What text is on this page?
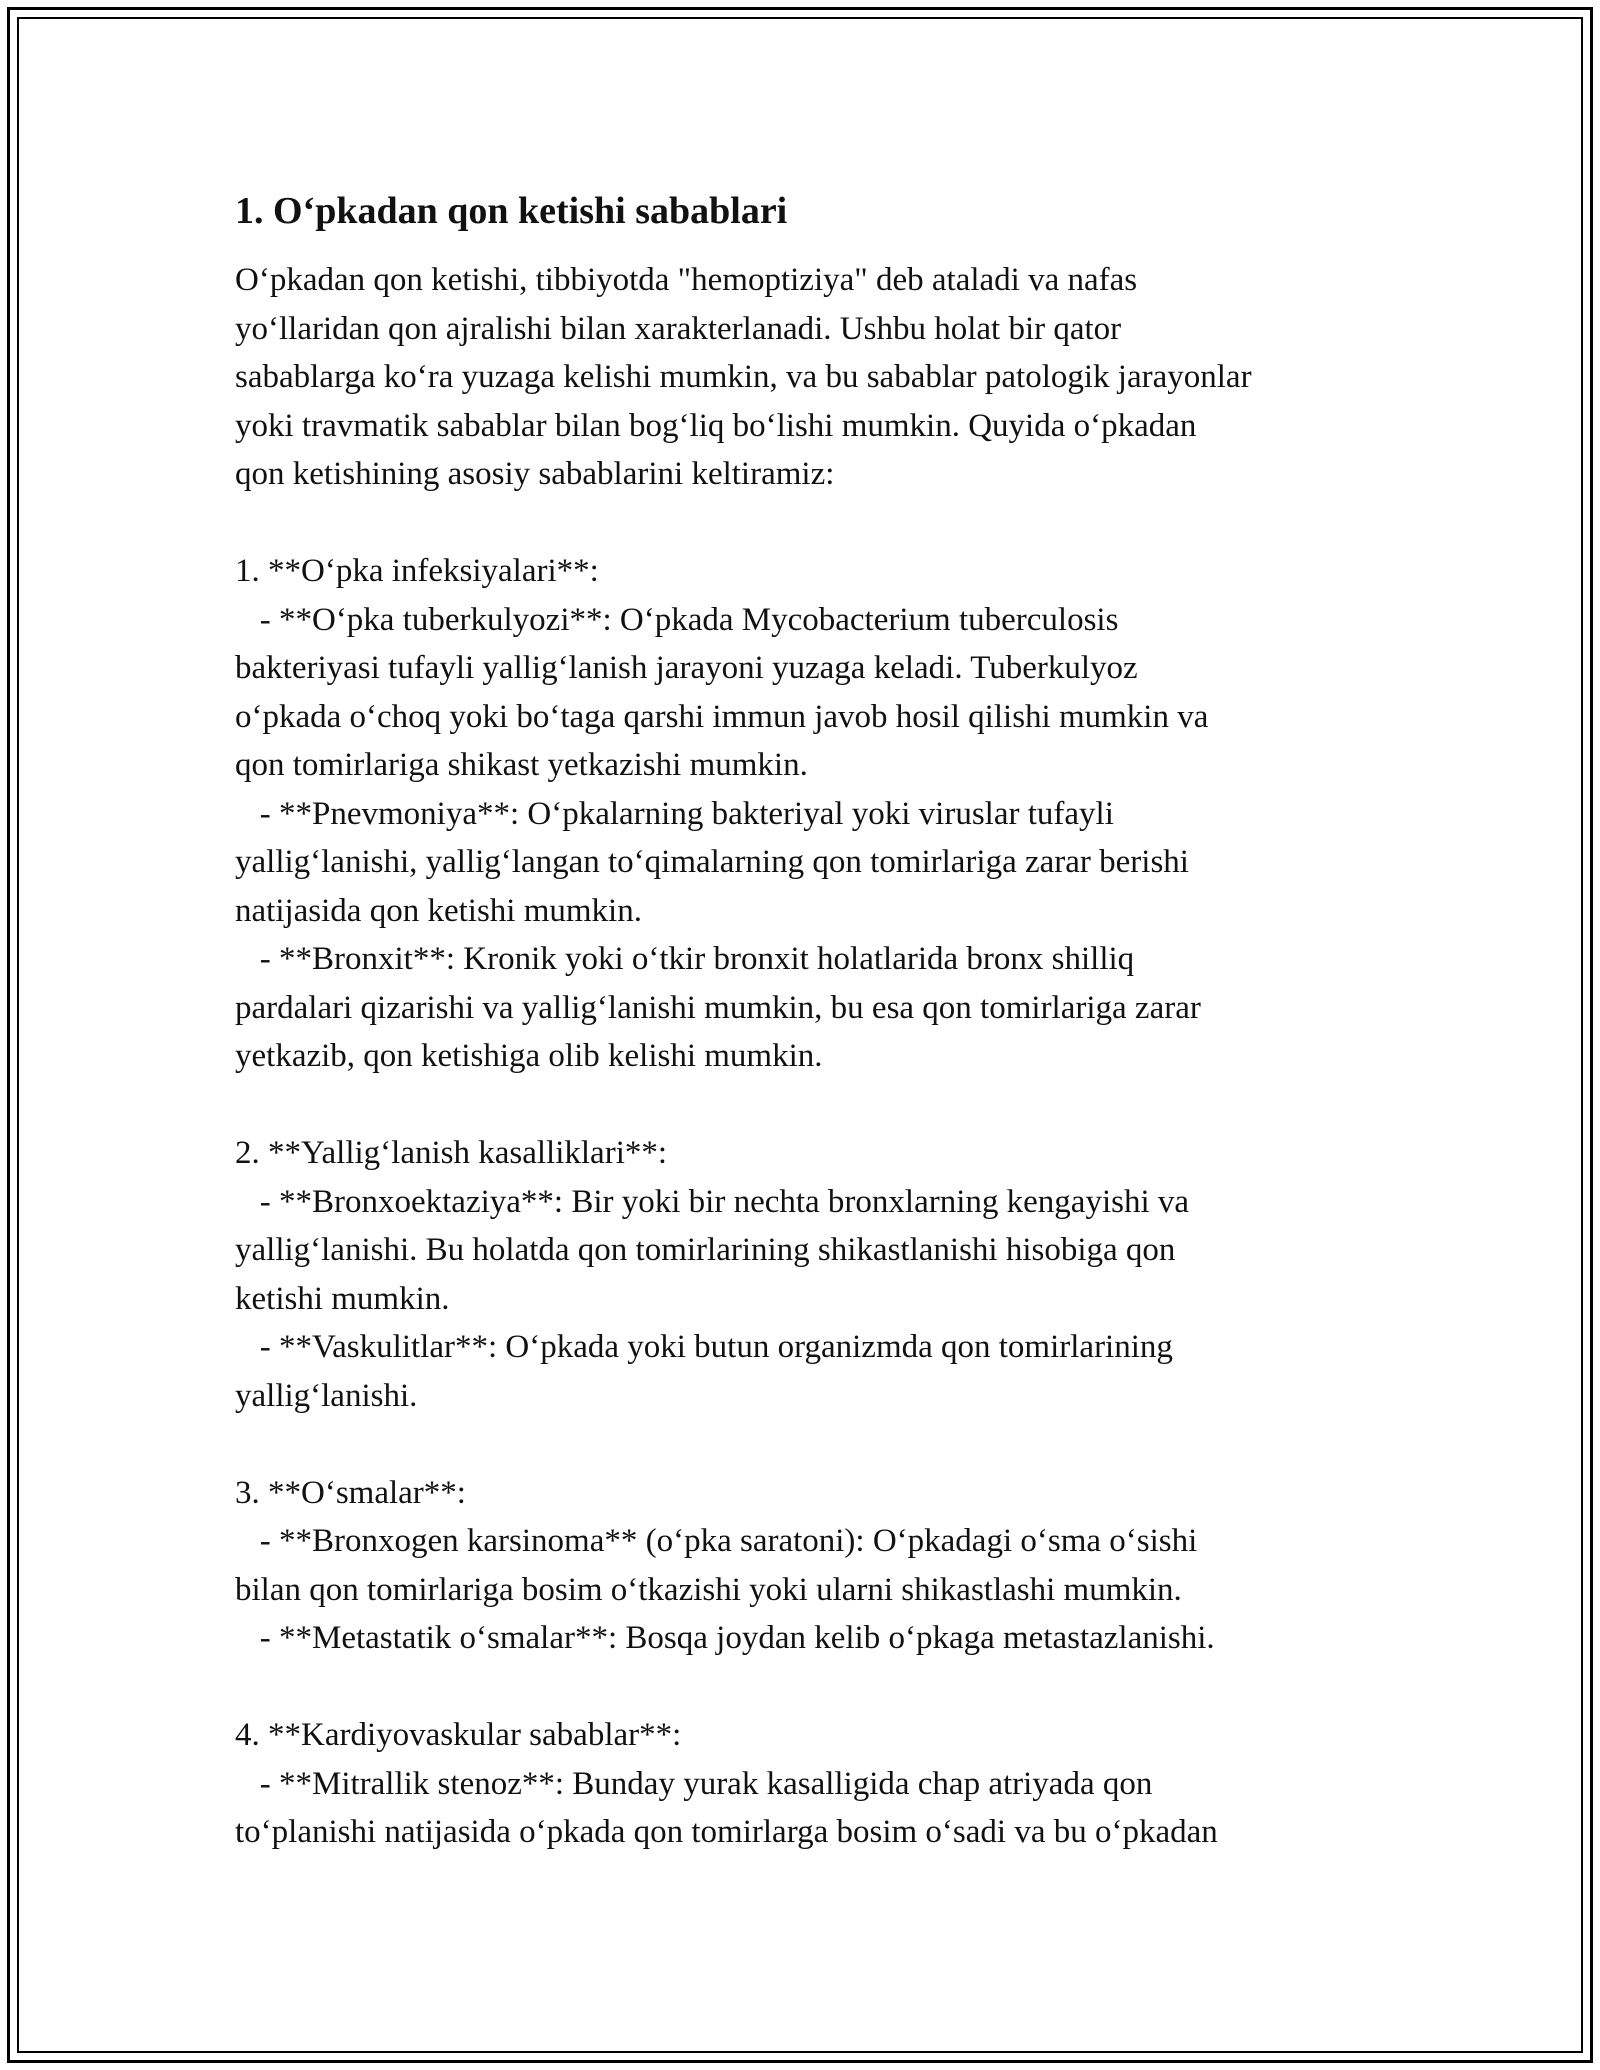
1. O‘pkadan qon ketishi sabablari
O‘pkadan qon ketishi, tibbiyotda "hemoptiziya" deb ataladi va nafas
yo‘llaridan qon ajralishi bilan xarakterlanadi. Ushbu holat bir qator
sabablarga ko‘ra yuzaga kelishi mumkin, va bu sabablar patologik jarayonlar
yoki travmatik sabablar bilan bog‘liq bo‘lishi mumkin. Quyida o‘pkadan
qon ketishining asosiy sabablarini keltiramiz:
1. **O‘pka infeksiyalari**:
- **O‘pka tuberkulyozi**: O‘pkada Mycobacterium tuberculosis
bakteriyasi tufayli yallig‘lanish jarayoni yuzaga keladi. Tuberkulyoz
o‘pkada o‘choq yoki bo‘taga qarshi immun javob hosil qilishi mumkin va
qon tomirlariga shikast yetkazishi mumkin.
- **Pnevmoniya**: O‘pkalarning bakteriyal yoki viruslar tufayli
yallig‘lanishi, yallig‘langan to‘qimalarning qon tomirlariga zarar berishi
natijasida qon ketishi mumkin.
- **Bronxit**: Kronik yoki o‘tkir bronxit holatlarida bronx shilliq
pardalari qizarishi va yallig‘lanishi mumkin, bu esa qon tomirlariga zarar
yetkazib, qon ketishiga olib kelishi mumkin.
2. **Yallig‘lanish kasalliklari**:
- **Bronxoektaziya**: Bir yoki bir nechta bronxlarning kengayishi va
yallig‘lanishi. Bu holatda qon tomirlarining shikastlanishi hisobiga qon
ketishi mumkin.
- **Vaskulitlar**: O‘pkada yoki butun organizmda qon tomirlarining
yallig‘lanishi.
3. **O‘smalar**:
- **Bronxogen karsinoma** (o‘pka saratoni): O‘pkadagi o‘sma o‘sishi
bilan qon tomirlariga bosim o‘tkazishi yoki ularni shikastlashi mumkin.
- **Metastatik o‘smalar**: Bosqa joydan kelib o‘pkaga metastazlanishi.
4. **Kardiyovaskular sabablar**:
- **Mitrallik stenoz**: Bunday yurak kasalligida chap atriyada qon
to‘planishi natijasida o‘pkada qon tomirlarga bosim o‘sadi va bu o‘pkadan
